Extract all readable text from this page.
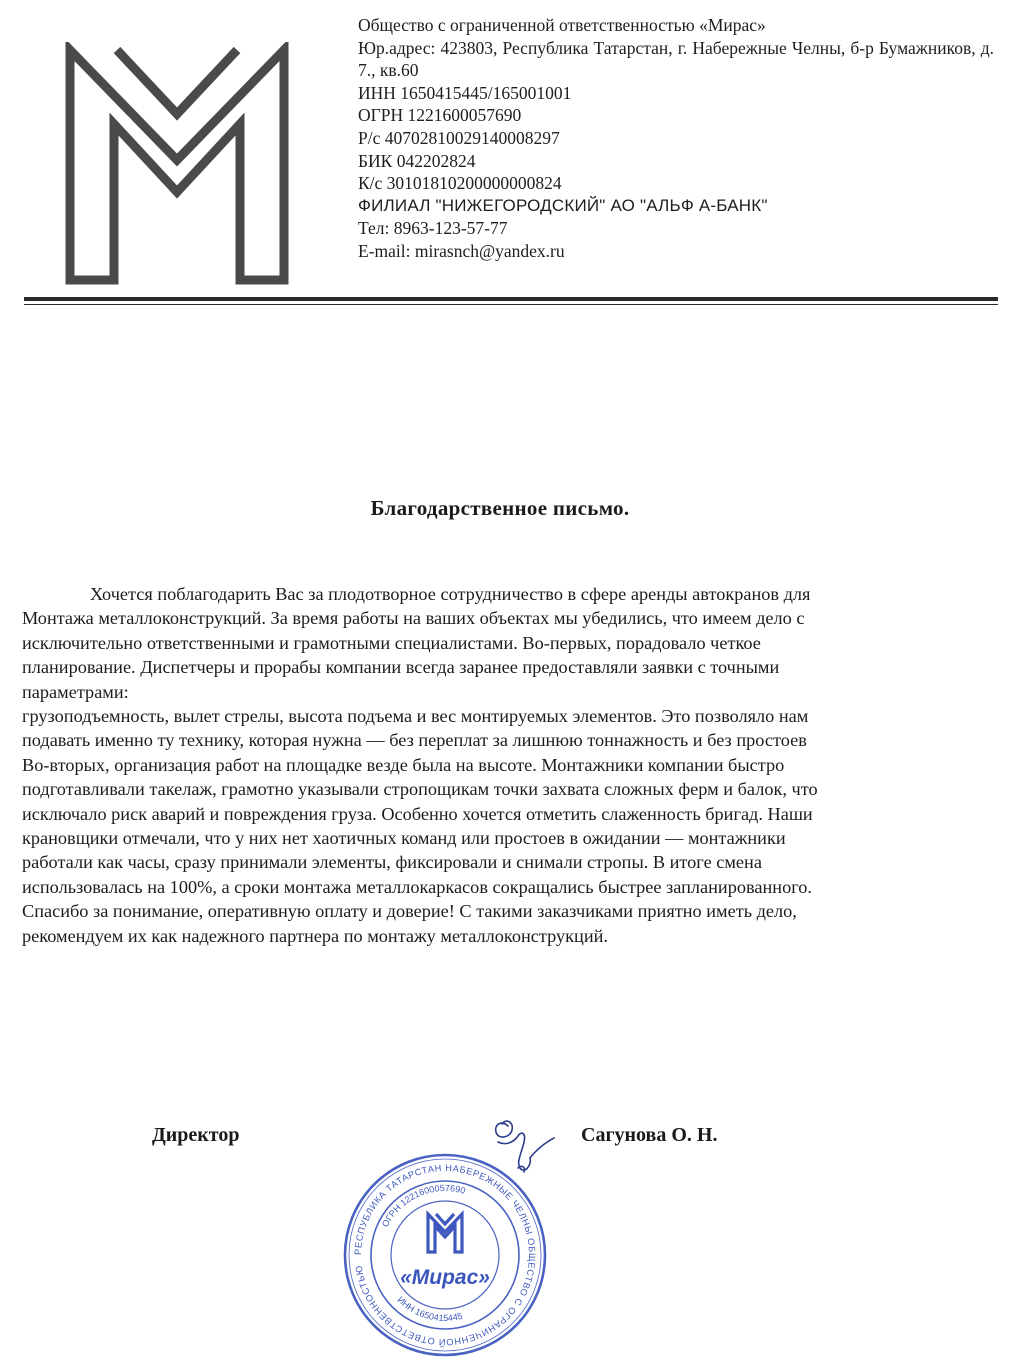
Общество с ограниченной ответственностью «Мирас»
Юр.адрес: 423803, Республика Татарстан, г. Набережные Челны, б-р Бумажников, д. 7., кв.60
ИНН 1650415445/165001001
ОГРН 1221600057690
Р/с 40702810029140008297
БИК 042202824
К/с 30101810200000000824
ФИЛИАЛ "НИЖЕГОРОДСКИЙ" АО "АЛЬФ А-БАНК"
Тел: 8963-123-57-77
E-mail: mirasnch@yandex.ru
Благодарственное письмо.
Хочется поблагодарить Вас за плодотворное сотрудничество в сфере аренды автокранов для
Монтажа металлоконструкций. За время работы на ваших объектах мы убедились, что имеем дело с
исключительно ответственными и грамотными специалистами. Во-первых, порадовало четкое
планирование. Диспетчеры и прорабы компании всегда заранее предоставляли заявки с точными
параметрами:
грузоподъемность, вылет стрелы, высота подъема и вес монтируемых элементов. Это позволяло нам
подавать именно ту технику, которая нужна — без переплат за лишнюю тоннажность и без простоев
Во-вторых, организация работ на площадке везде была на высоте. Монтажники компании быстро
подготавливали такелаж, грамотно указывали стропощикам точки захвата сложных ферм и балок, что
исключало риск аварий и повреждения груза. Особенно хочется отметить слаженность бригад. Наши
крановщики отмечали, что у них нет хаотичных команд или простоев в ожидании — монтажники
работали как часы, сразу принимали элементы, фиксировали и снимали стропы. В итоге смена
использовалась на 100%, а сроки монтажа металлокаркасов сокращались быстрее запланированного.
Спасибо за понимание, оперативную оплату и доверие! С такими заказчиками приятно иметь дело,
рекомендуем их как надежного партнера по монтажу металлоконструкций.
Директор	Сагунова О. Н.
РЕСПУБЛИКА ТАТАРСТАН НАБЕРЕЖНЫЕ ЧЕЛНЫ ОБЩЕСТВО С ОГРАНИЧЕННОЙ ОТВЕТСТВЕННОСТЬЮ
ОГРН 1221600057690
ИНН 1650415445
«Мирас»
